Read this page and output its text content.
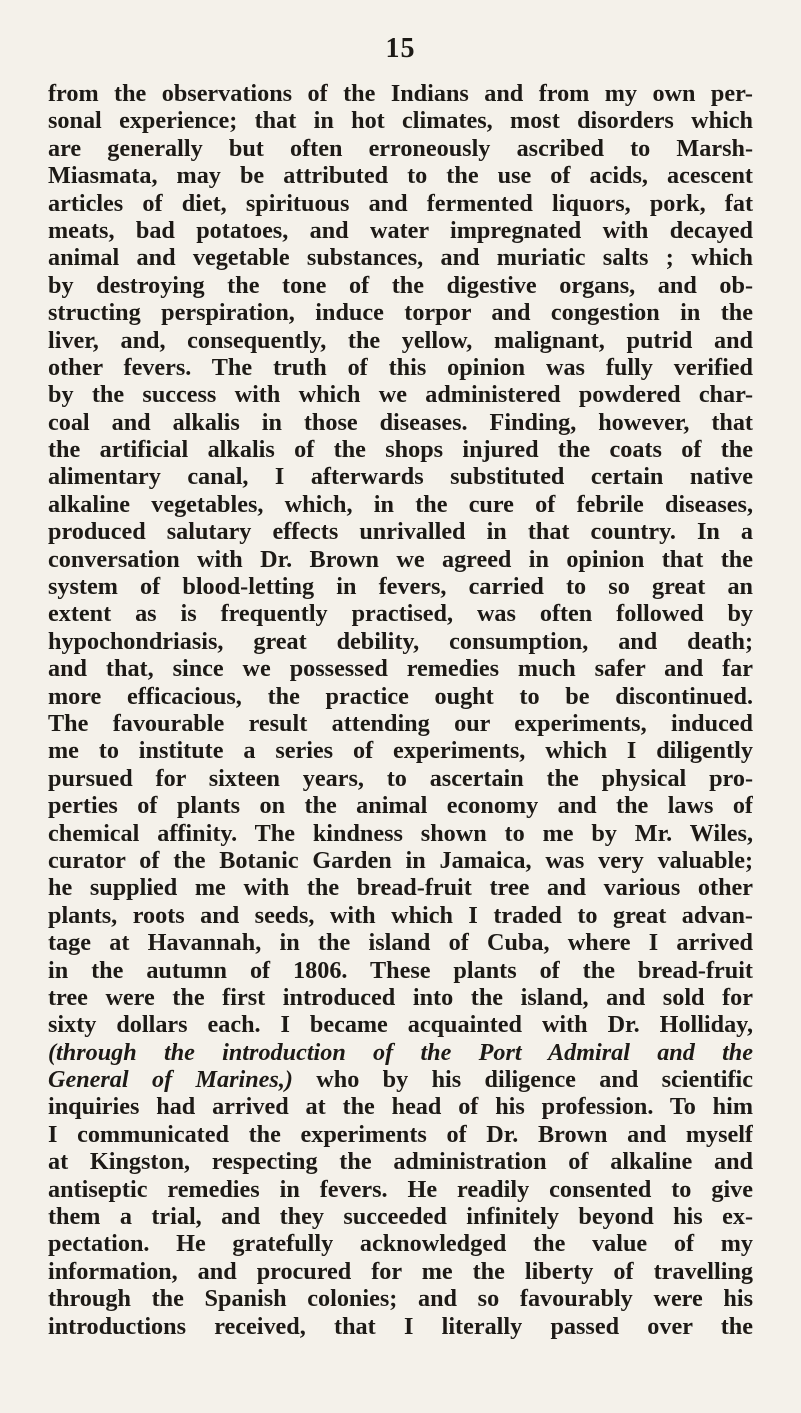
15
from the observations of the Indians and from my own per-
sonal experience; that in hot climates, most disorders which
are generally but often erroneously ascribed to Marsh-
Miasmata, may be attributed to the use of acids, acescent
articles of diet, spirituous and fermented liquors, pork, fat
meats, bad potatoes, and water impregnated with decayed
animal and vegetable substances, and muriatic salts ; which
by destroying the tone of the digestive organs, and ob-
structing perspiration, induce torpor and congestion in the
liver, and, consequently, the yellow, malignant, putrid and
other fevers. The truth of this opinion was fully verified
by the success with which we administered powdered char-
coal and alkalis in those diseases. Finding, however, that
the artificial alkalis of the shops injured the coats of the
alimentary canal, I afterwards substituted certain native
alkaline vegetables, which, in the cure of febrile diseases,
produced salutary effects unrivalled in that country. In a
conversation with Dr. Brown we agreed in opinion that the
system of blood-letting in fevers, carried to so great an
extent as is frequently practised, was often followed by
hypochondriasis, great debility, consumption, and death;
and that, since we possessed remedies much safer and far
more efficacious, the practice ought to be discontinued.
The favourable result attending our experiments, induced
me to institute a series of experiments, which I diligently
pursued for sixteen years, to ascertain the physical pro-
perties of plants on the animal economy and the laws of
chemical affinity. The kindness shown to me by Mr. Wiles,
curator of the Botanic Garden in Jamaica, was very valuable;
he supplied me with the bread-fruit tree and various other
plants, roots and seeds, with which I traded to great advan-
tage at Havannah, in the island of Cuba, where I arrived
in the autumn of 1806. These plants of the bread-fruit
tree were the first introduced into the island, and sold for
sixty dollars each. I became acquainted with Dr. Holliday,
(through the introduction of the Port Admiral and the
General of Marines,) who by his diligence and scientific
inquiries had arrived at the head of his profession. To him
I communicated the experiments of Dr. Brown and myself
at Kingston, respecting the administration of alkaline and
antiseptic remedies in fevers. He readily consented to give
them a trial, and they succeeded infinitely beyond his ex-
pectation. He gratefully acknowledged the value of my
information, and procured for me the liberty of travelling
through the Spanish colonies; and so favourably were his
introductions received, that I literally passed over the
